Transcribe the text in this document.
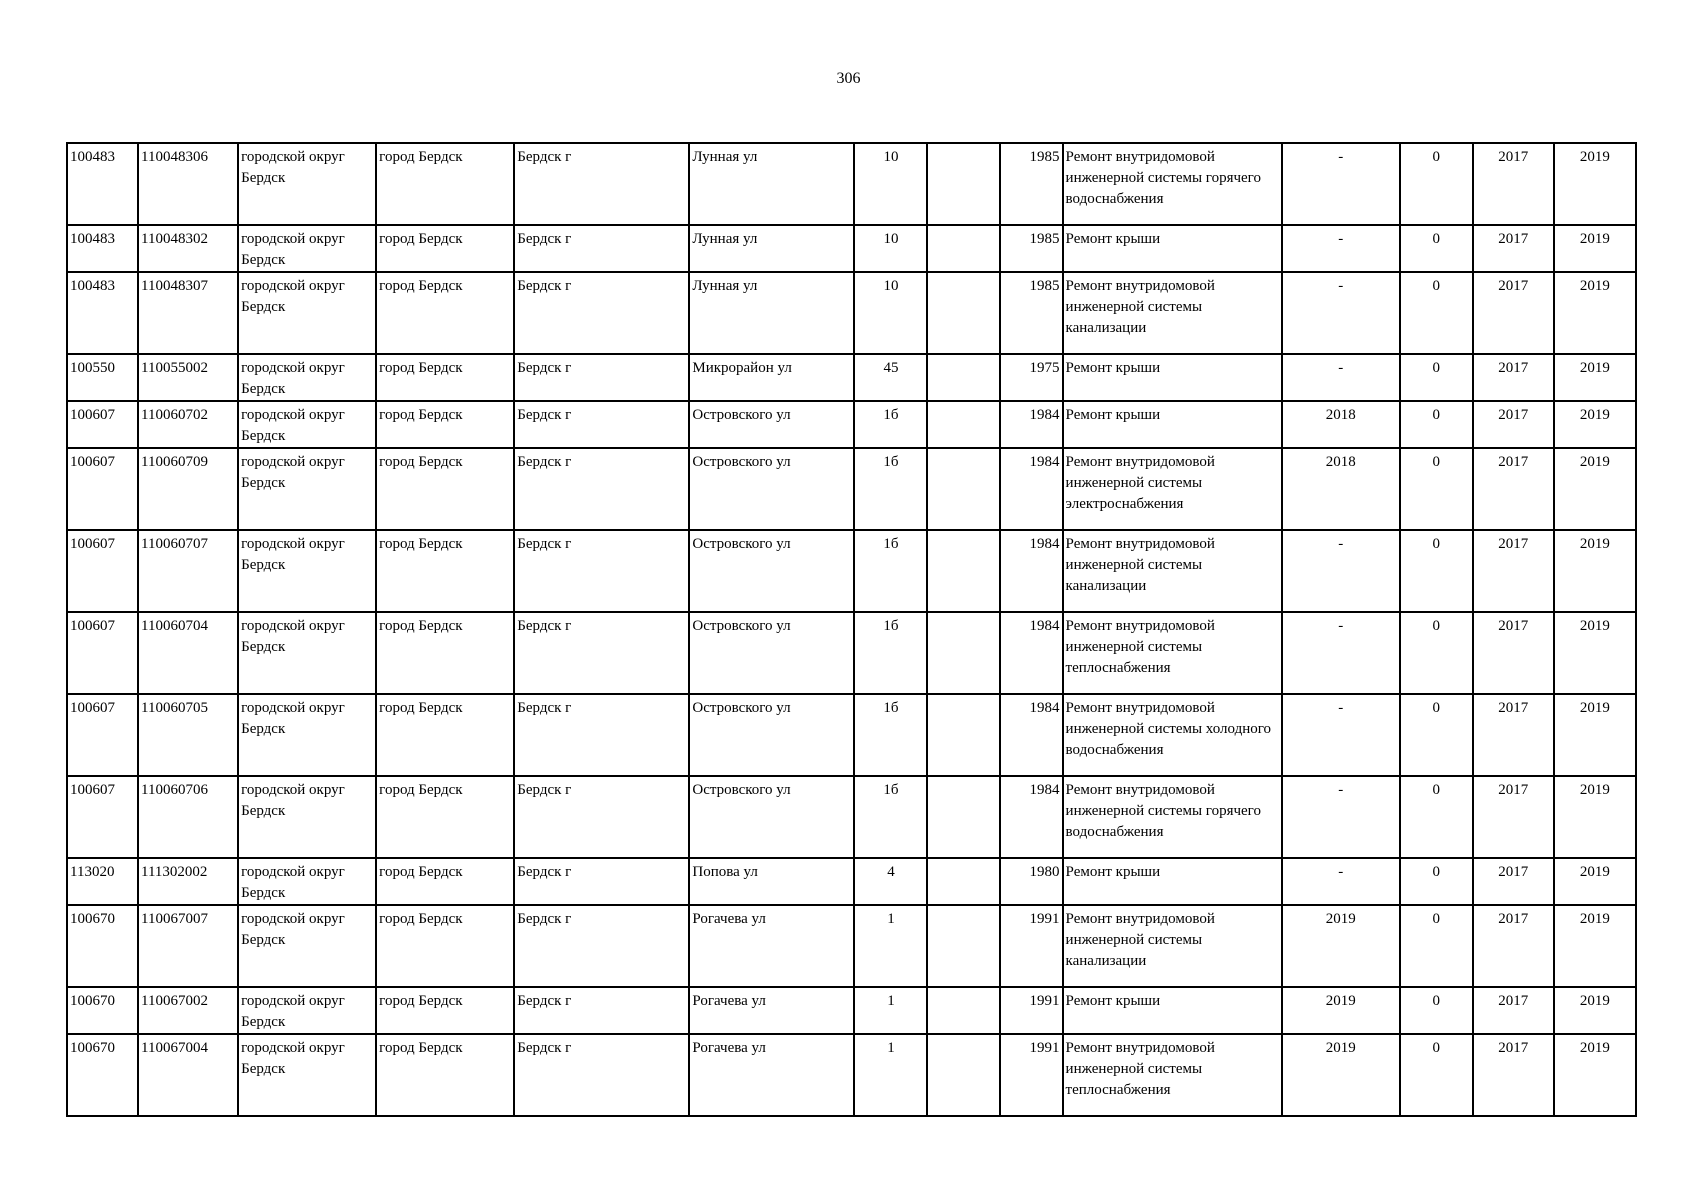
306
100483	110048306	городской округ Бердск	город Бердск	Бердск г	Лунная ул	10		1985	Ремонт внутридомовой инженерной системы горячего водоснабжения	-	0	2017	2019
100483	110048302	городской округ Бердск	город Бердск	Бердск г	Лунная ул	10		1985	Ремонт крыши	-	0	2017	2019
100483	110048307	городской округ Бердск	город Бердск	Бердск г	Лунная ул	10		1985	Ремонт внутридомовой инженерной системы канализации	-	0	2017	2019
100550	110055002	городской округ Бердск	город Бердск	Бердск г	Микрорайон ул	45		1975	Ремонт крыши	-	0	2017	2019
100607	110060702	городской округ Бердск	город Бердск	Бердск г	Островского ул	1б		1984	Ремонт крыши	2018	0	2017	2019
100607	110060709	городской округ Бердск	город Бердск	Бердск г	Островского ул	1б		1984	Ремонт внутридомовой инженерной системы электроснабжения	2018	0	2017	2019
100607	110060707	городской округ Бердск	город Бердск	Бердск г	Островского ул	1б		1984	Ремонт внутридомовой инженерной системы канализации	-	0	2017	2019
100607	110060704	городской округ Бердск	город Бердск	Бердск г	Островского ул	1б		1984	Ремонт внутридомовой инженерной системы теплоснабжения	-	0	2017	2019
100607	110060705	городской округ Бердск	город Бердск	Бердск г	Островского ул	1б		1984	Ремонт внутридомовой инженерной системы холодного водоснабжения	-	0	2017	2019
100607	110060706	городской округ Бердск	город Бердск	Бердск г	Островского ул	1б		1984	Ремонт внутридомовой инженерной системы горячего водоснабжения	-	0	2017	2019
113020	111302002	городской округ Бердск	город Бердск	Бердск г	Попова ул	4		1980	Ремонт крыши	-	0	2017	2019
100670	110067007	городской округ Бердск	город Бердск	Бердск г	Рогачева ул	1		1991	Ремонт внутридомовой инженерной системы канализации	2019	0	2017	2019
100670	110067002	городской округ Бердск	город Бердск	Бердск г	Рогачева ул	1		1991	Ремонт крыши	2019	0	2017	2019
100670	110067004	городской округ Бердск	город Бердск	Бердск г	Рогачева ул	1		1991	Ремонт внутридомовой инженерной системы теплоснабжения	2019	0	2017	2019
